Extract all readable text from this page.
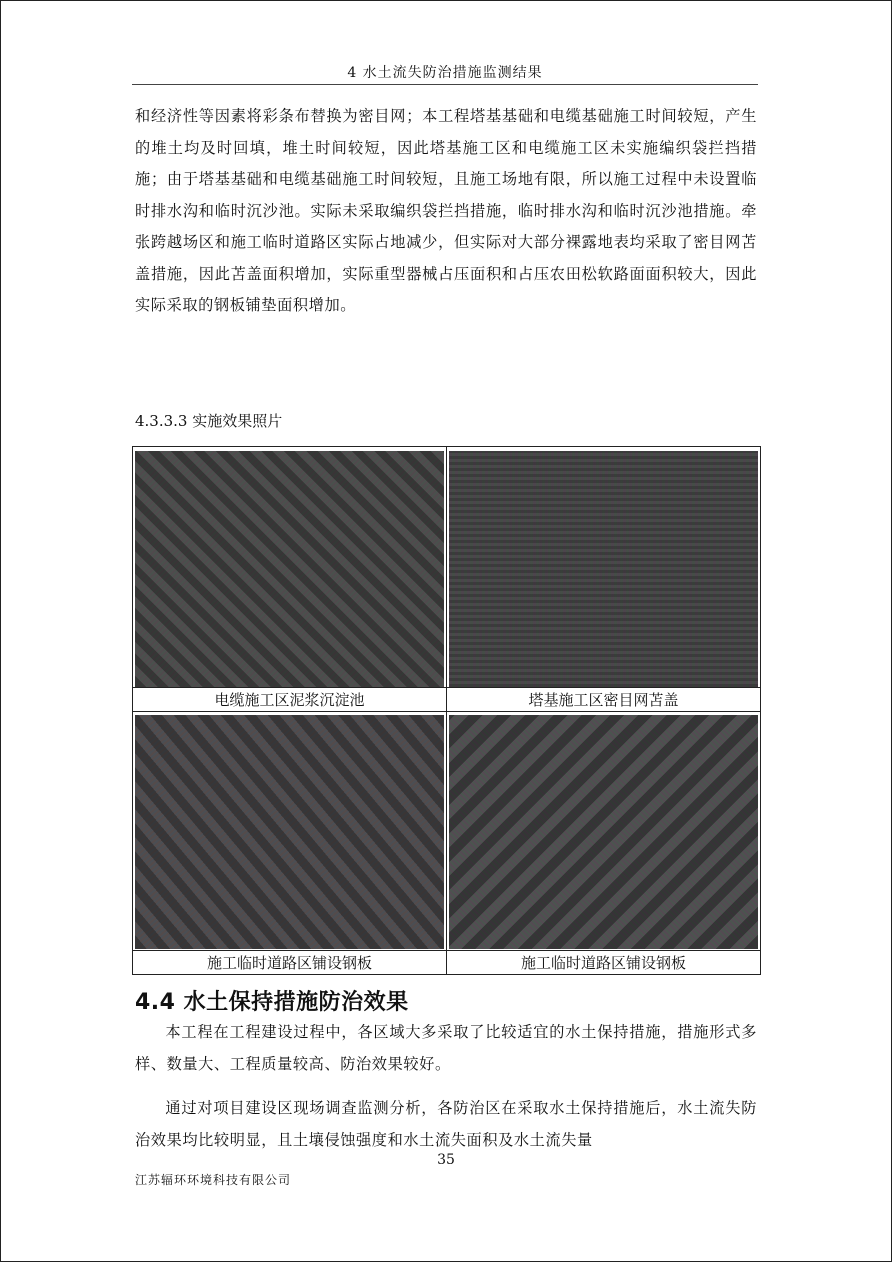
4 水土流失防治措施监测结果
和经济性等因素将彩条布替换为密目网；本工程塔基基础和电缆基础施工时间较短，产生的堆土均及时回填，堆土时间较短，因此塔基施工区和电缆施工区未实施编织袋拦挡措施；由于塔基基础和电缆基础施工时间较短，且施工场地有限，所以施工过程中未设置临时排水沟和临时沉沙池。实际未采取编织袋拦挡措施，临时排水沟和临时沉沙池措施。牵张跨越场区和施工临时道路区实际占地减少，但实际对大部分裸露地表均采取了密目网苫盖措施，因此苫盖面积增加，实际重型器械占压面积和占压农田松软路面面积较大，因此实际采取的钢板铺垫面积增加。
4.3.3.3 实施效果照片
电缆施工区泥浆沉淀池	塔基施工区密目网苫盖
施工临时道路区铺设钢板	施工临时道路区铺设钢板
4.4 水土保持措施防治效果
本工程在工程建设过程中，各区域大多采取了比较适宜的水土保持措施，措施形式多样、数量大、工程质量较高、防治效果较好。
通过对项目建设区现场调查监测分析，各防治区在采取水土保持措施后，水土流失防治效果均比较明显，且土壤侵蚀强度和水土流失面积及水土流失量
35
江苏辐环环境科技有限公司
